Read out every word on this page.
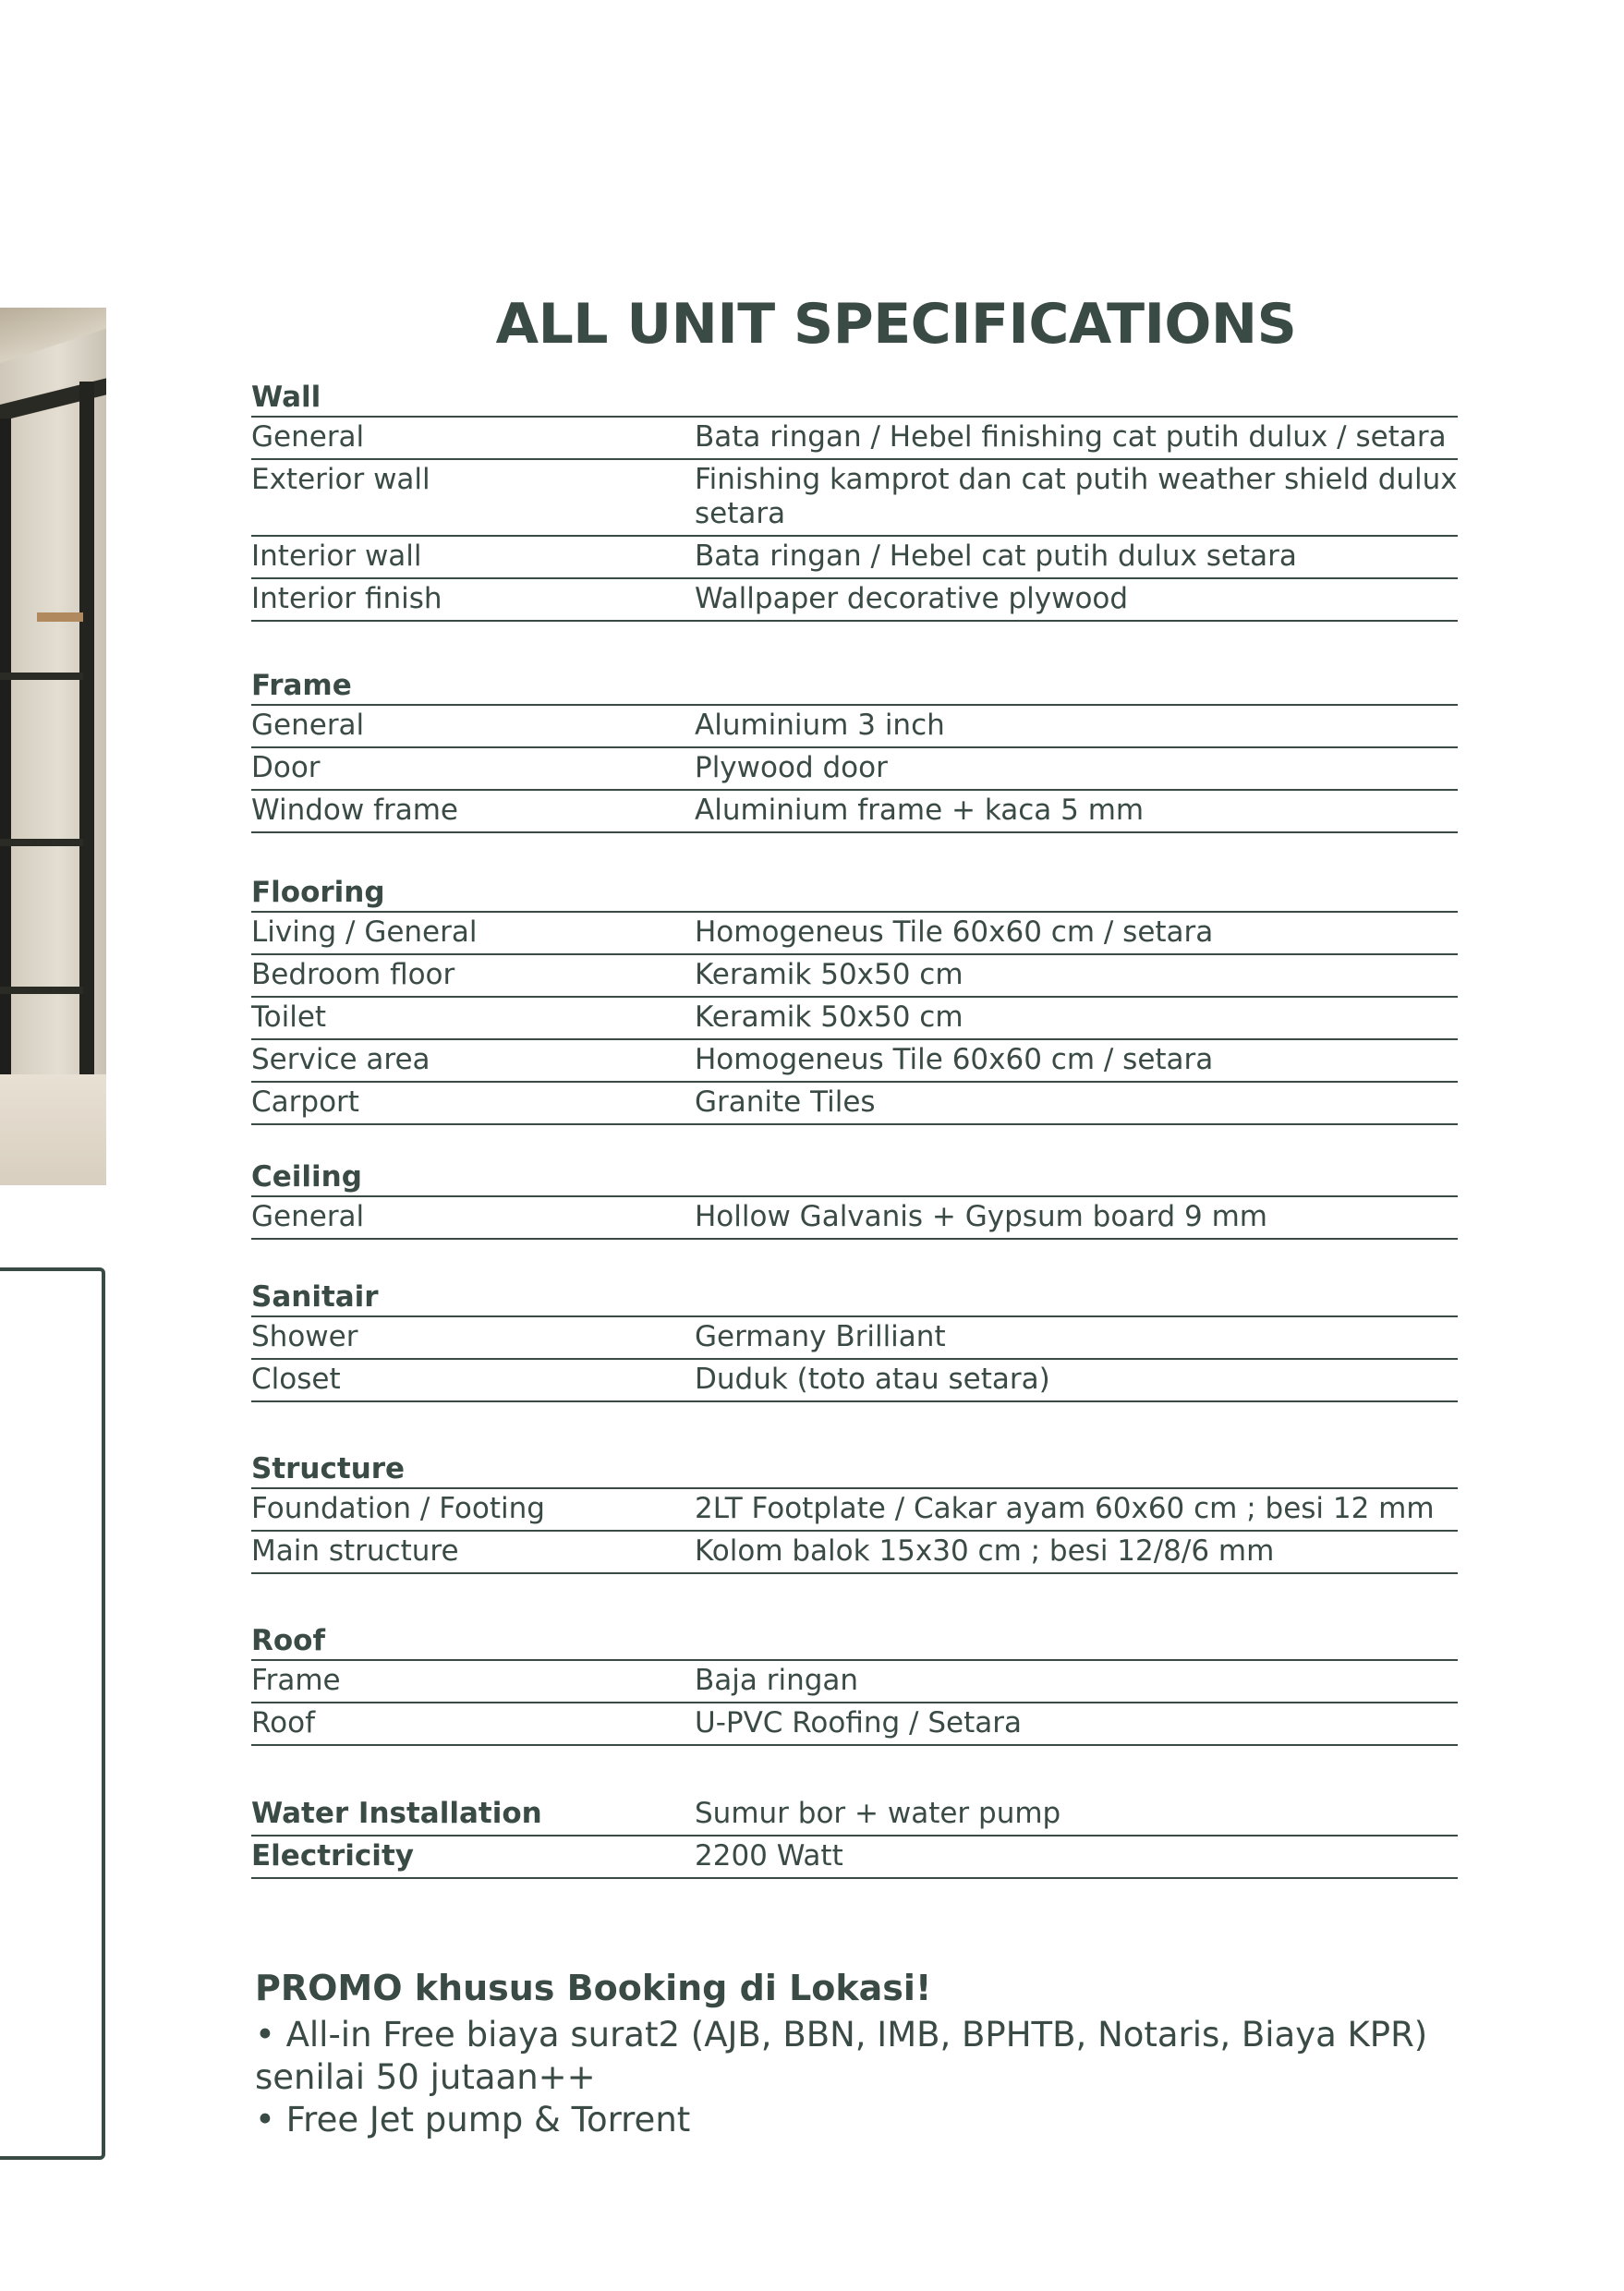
ALL UNIT SPECIFICATIONS
Wall
General	Bata ringan / Hebel finishing cat putih dulux / setara
Exterior wall	Finishing kamprot dan cat putih weather shield dulux setara
Interior wall	Bata ringan / Hebel cat putih dulux setara
Interior finish	Wallpaper decorative plywood
Frame
General	Aluminium 3 inch
Door	Plywood door
Window frame	Aluminium frame + kaca 5 mm
Flooring
Living / General	Homogeneus Tile 60x60 cm / setara
Bedroom floor	Keramik 50x50 cm
Toilet	Keramik 50x50 cm
Service area	Homogeneus Tile 60x60 cm / setara
Carport	Granite Tiles
Ceiling
General	Hollow Galvanis + Gypsum board 9 mm
Sanitair
Shower	Germany Brilliant
Closet	Duduk (toto atau setara)
Structure
Foundation / Footing	2LT Footplate / Cakar ayam 60x60 cm ; besi 12 mm
Main structure	Kolom balok 15x30 cm ; besi 12/8/6 mm
Roof
Frame	Baja ringan
Roof	U-PVC Roofing / Setara
Water Installation	Sumur bor + water pump
Electricity	2200 Watt
PROMO khusus Booking di Lokasi!
• All-in Free biaya surat2 (AJB, BBN, IMB, BPHTB, Notaris, Biaya KPR)
senilai 50 jutaan++
• Free Jet pump & Torrent
